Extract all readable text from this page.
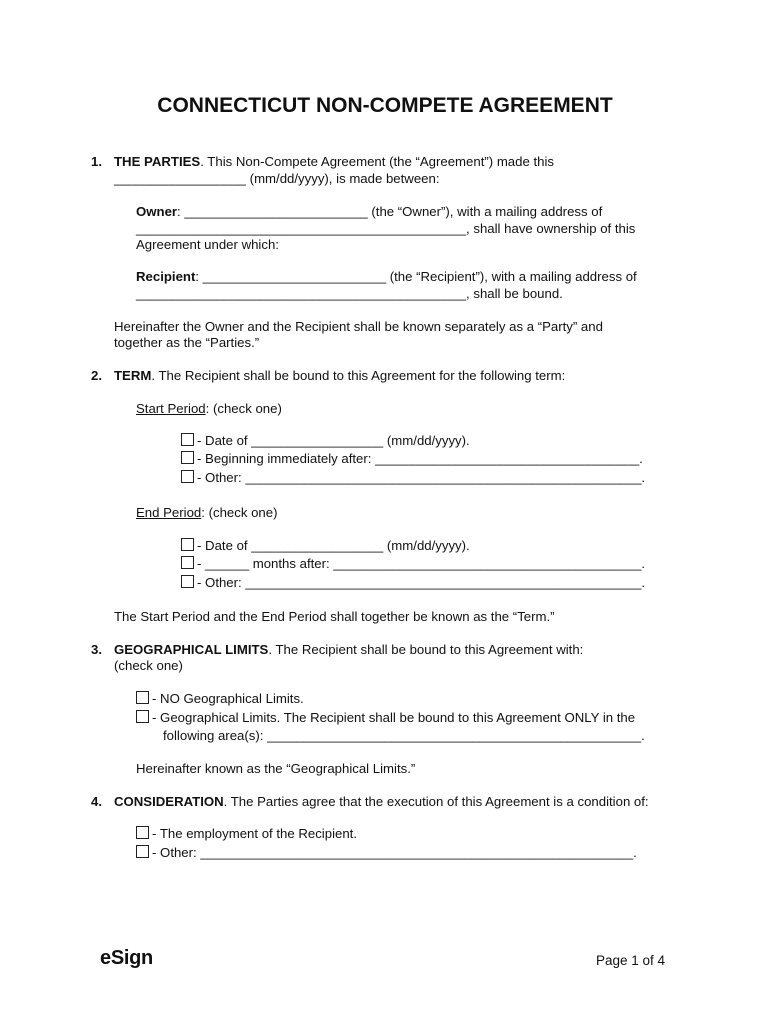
CONNECTICUT NON-COMPETE AGREEMENT
1. THE PARTIES. This Non-Compete Agreement (the “Agreement”) made this
__________________ (mm/dd/yyyy), is made between:
Owner: _________________________ (the “Owner”), with a mailing address of
_____________________________________________, shall have ownership of this
Agreement under which:
Recipient: _________________________ (the “Recipient”), with a mailing address of
_____________________________________________, shall be bound.
Hereinafter the Owner and the Recipient shall be known separately as a “Party” and
together as the “Parties.”
2. TERM. The Recipient shall be bound to this Agreement for the following term:
Start Period: (check one)
- Date of __________________ (mm/dd/yyyy).
- Beginning immediately after: ____________________________________.
- Other: ______________________________________________________.
End Period: (check one)
- Date of __________________ (mm/dd/yyyy).
- ______ months after: __________________________________________.
- Other: ______________________________________________________.
The Start Period and the End Period shall together be known as the “Term.”
3. GEOGRAPHICAL LIMITS. The Recipient shall be bound to this Agreement with:
(check one)
- NO Geographical Limits.
- Geographical Limits. The Recipient shall be bound to this Agreement ONLY in the
following area(s): ___________________________________________________.
Hereinafter known as the “Geographical Limits.”
4. CONSIDERATION. The Parties agree that the execution of this Agreement is a condition of:
- The employment of the Recipient.
- Other: ___________________________________________________________.
eSign	Page 1 of 4
